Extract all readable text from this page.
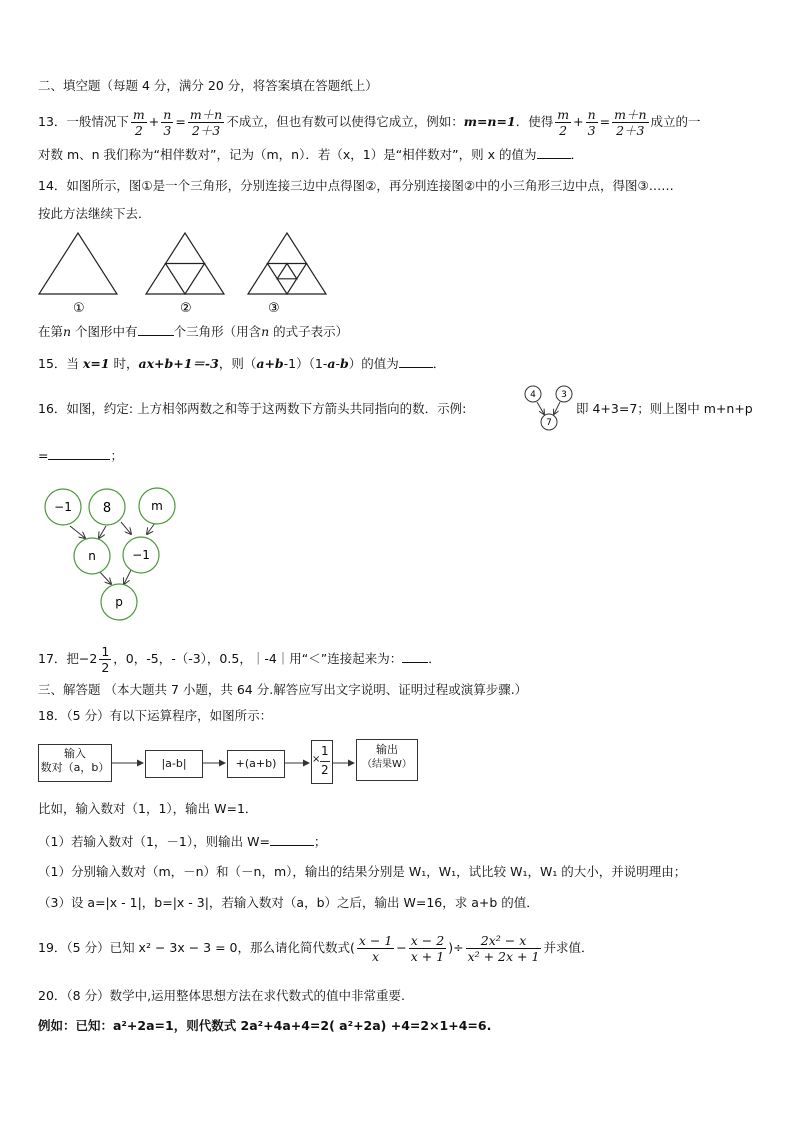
二、填空题（每题 4 分，满分 20 分，将答案填在答题纸上）
13．一般情况下 $\frac{m}{2} + \frac{n}{3} = \frac{m+n}{2+3}$ 不成立，但也有数可以使得它成立，例如：m=n=1．使得 $\frac{m}{2} + \frac{n}{3} = \frac{m+n}{2+3}$ 成立的一
对数 m、n 我们称为“相伴数对”，记为（m，n）．若（x，1）是“相伴数对”，则 x 的值为	．
14．如图所示，图①是一个三角形，分别连接三边中点得图②，再分别连接图②中的小三角形三边中点，得图③……
按此方法继续下去．
①	②	③
在第n 个图形中有	个三角形（用含n 的式子表示）
15．当 x=1 时，ax+b+1＝-3，则（a+b-1）（1-a-b）的值为	．
16．如图，约定: 上方相邻两数之和等于这两数下方箭头共同指向的数．示例:
4	3
7
即 4+3=7；则上图中 m+n+p
=	；
−1 8	m
n	−1
p
17．把$-2 \frac{1}{2}$ ，0，-5，-（-3），0.5，｜-4｜用“＜”连接起来为： ．
三、解答题 （本大题共 7 小题，共 64 分.解答应写出文字说明、证明过程或演算步骤.）
18．（5 分）有以下运算程序，如图所示：
输入
数对（a，b）	|a-b|	+(a+b)	×
1
2
输出
（结果W）
比如，输入数对（1，1），输出 W=1．
（1）若输入数对（1，－1），则输出 W=	；
（1）分别输入数对（m，－n）和（－n，m），输出的结果分别是 W₁，W₁，试比较 W₁，W₁ 的大小，并说明理由；
（3）设 a=|x - 1|，b=|x - 3|，若输入数对（a，b）之后，输出 W=16，求 a+b 的值．
19．（5 分）已知 x² − 3x − 3 = 0，那么请化简代数式( $\frac{x - 1}{x} - \frac{x - 2}{x + 1}$ )÷ $\frac{\text{2x² − x}}{\text{x² + 2x + 1}}$ 并求值．
20．（8 分）数学中,运用整体思想方法在求代数式的值中非常重要.
例如：已知：a²+2a=1，则代数式 2a²+4a+4=2( a²+2a) +4=2×1+4=6.
